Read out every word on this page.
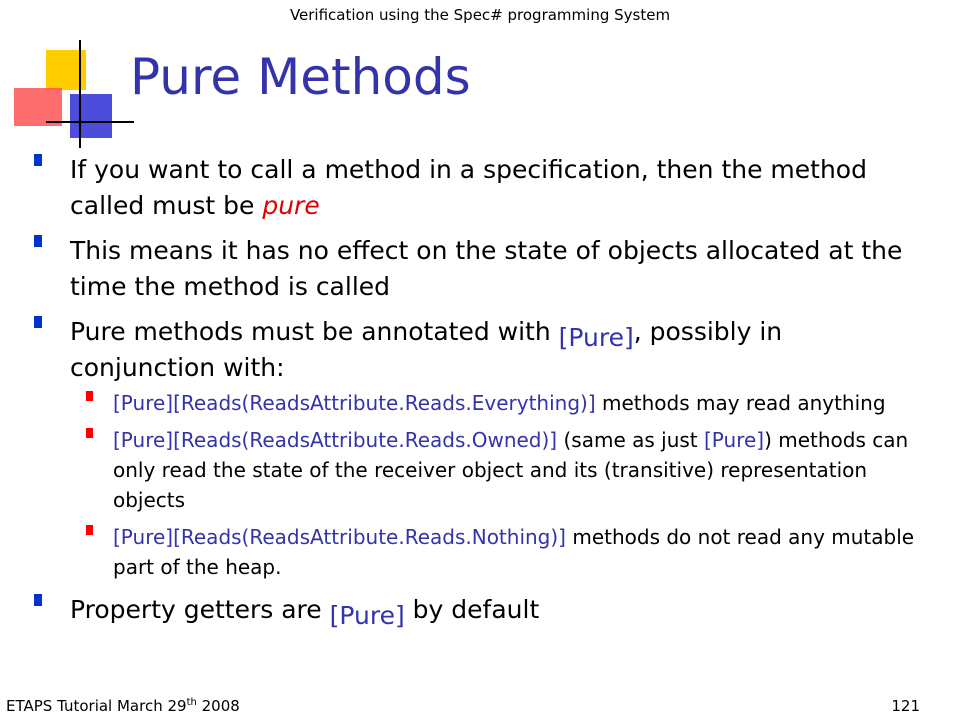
Verification using the Spec# programming System
Pure Methods
If you want to call a method in a specification, then the method called must be pure
This means it has no effect on the state of objects allocated at the time the method is called
Pure methods must be annotated with [Pure], possibly in conjunction with:
[Pure][Reads(ReadsAttribute.Reads.Everything)] methods may read anything
[Pure][Reads(ReadsAttribute.Reads.Owned)] (same as just [Pure]) methods can only read the state of the receiver object and its (transitive) representation objects
[Pure][Reads(ReadsAttribute.Reads.Nothing)] methods do not read any mutable part of the heap.
Property getters are [Pure] by default
ETAPS Tutorial March 29th 2008	121
